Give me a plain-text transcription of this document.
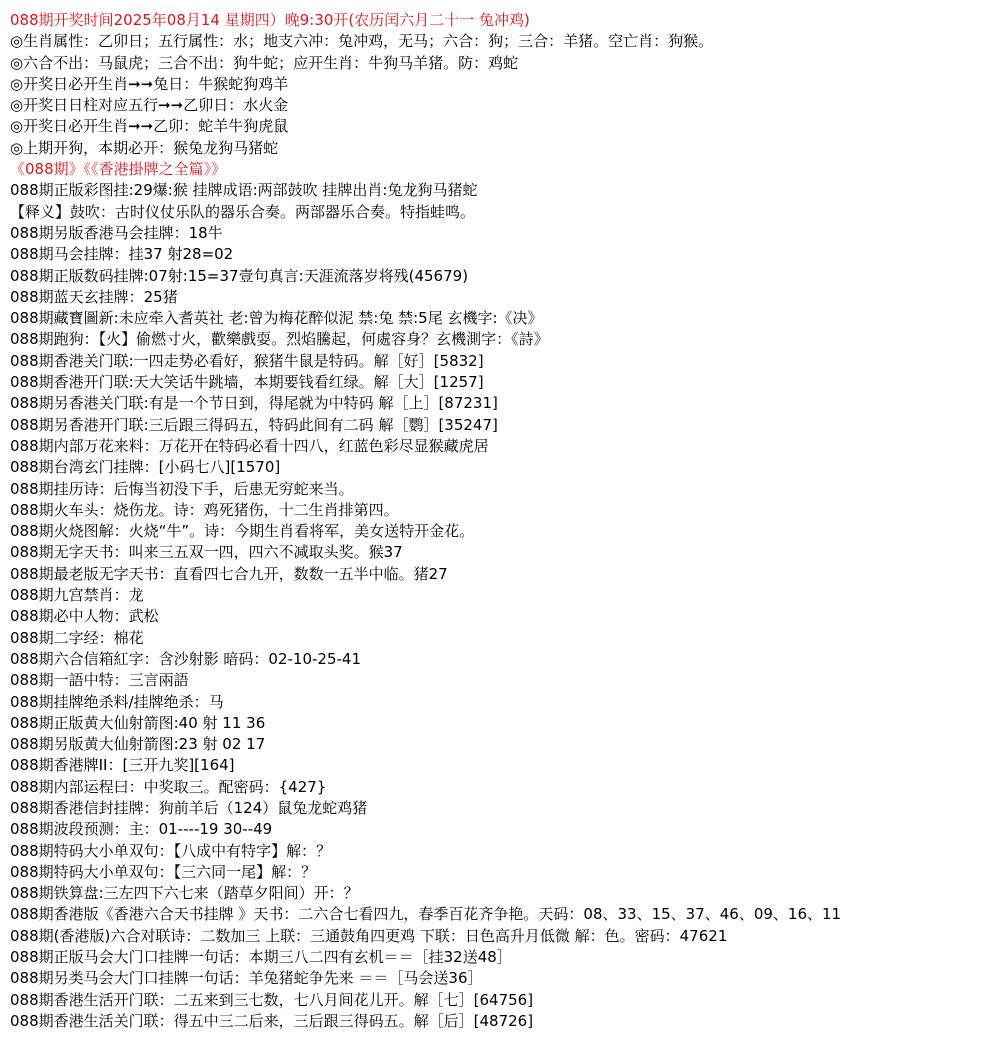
088期开奖时间2025年08月14 星期四）晚9:30开(农历闰六月二十一 兔冲鸡)
◎生肖属性：乙卯日；五行属性：水；地支六冲：兔冲鸡，无马；六合：狗；三合：羊猪。空亡肖：狗猴。
◎六合不出：马鼠虎；三合不出：狗牛蛇；应开生肖：牛狗马羊猪。防：鸡蛇
◎开奖日必开生肖➞➞兔日：牛猴蛇狗鸡羊
◎开奖日日柱对应五行➞➞乙卯日：水火金
◎开奖日必开生肖➞➞乙卯：蛇羊牛狗虎鼠
◎上期开狗，本期必开：猴兔龙狗马猪蛇
《088期》《《香港掛牌之全篇》》
088期正版彩图挂:29爆:猴 挂牌成语:两部鼓吹 挂牌出肖:兔龙狗马猪蛇
【释义】鼓吹：古时仪仗乐队的器乐合奏。两部器乐合奏。特指蛙鸣。
088期另版香港马会挂牌：18牛
088期马会挂牌：挂37 射28=02
088期正版数码挂牌:07射:15=37壹句真言:天涯流落岁将残(45679)
088期蓝天玄挂牌：25猪
088期藏寶圖新:未应牵入耆英社 老:曾为梅花醉似泥 禁:兔 禁:5尾 玄機字:《决》
088期跑狗：【火】偷燃寸火，歡樂戲耍。烈焰騰起，何處容身？玄機測字：《詩》
088期香港关门联:一四走势必看好，猴猪牛鼠是特码。解［好］[5832]
088期香港开门联:天大笑话牛跳墙，本期要钱看红绿。解［大］[1257]
088期另香港关门联:有是一个节日到，得尾就为中特码 解［上］[87231]
088期另香港开门联:三后跟三得码五，特码此间有二码 解［鹦］[35247]
088期内部万花来料：万花开在特码必看十四八，红蓝色彩尽显猴藏虎居
088期台湾玄门挂牌：[小码七八][1570]
088期挂历诗：后悔当初没下手，后患无穷蛇来当。
088期火车头：烧伤龙。诗：鸡死猪伤，十二生肖排第四。
088期火烧图解：火烧“牛”。诗：今期生肖看将军，美女送特开金花。
088期无字天书：叫来三五双一四，四六不减取头奖。猴37
088期最老版无字天书：直看四七合九开，数数一五半中临。猪27
088期九宫禁肖：龙
088期必中人物：武松
088期二字经：棉花
088期六合信箱紅字：含沙射影 暗码：02-10-25-41
088期一語中特：三言兩語
088期挂牌绝杀料/挂牌绝杀：马
088期正版黄大仙射箭图:40 射 11 36
088期另版黄大仙射箭图:23 射 02 17
088期香港牌II：[三开九奖][164]
088期内部运程曰：中奖取三。配密码：{427}
088期香港信封挂牌：狗前羊后（124）鼠兔龙蛇鸡猪
088期波段预测：主：01----19 30--49
088期特码大小单双句：【八成中有特字】解：？
088期特码大小单双句：【三六同一尾】解：？
088期铁算盘:三左四下六七来（踏草夕阳间）开：？
088期香港版《香港六合天书挂牌 》天书：二六合七看四九，春季百花齐争艳。天码：08、33、15、37、46、09、16、11
088期(香港版)六合对联诗：二数加三 上联：三通鼓角四更鸡 下联：日色高升月低微 解：色。密码：47621
088期正版马会大门口挂牌一句话：本期三八二四有玄机＝＝［挂32送48］
088期另类马会大门口挂牌一句话：羊兔猪蛇争先来 ＝＝［马会送36］
088期香港生活开门联：二五来到三七数，七八月间花儿开。解［七］[64756]
088期香港生活关门联：得五中三二后来，三后跟三得码五。解［后］[48726]
